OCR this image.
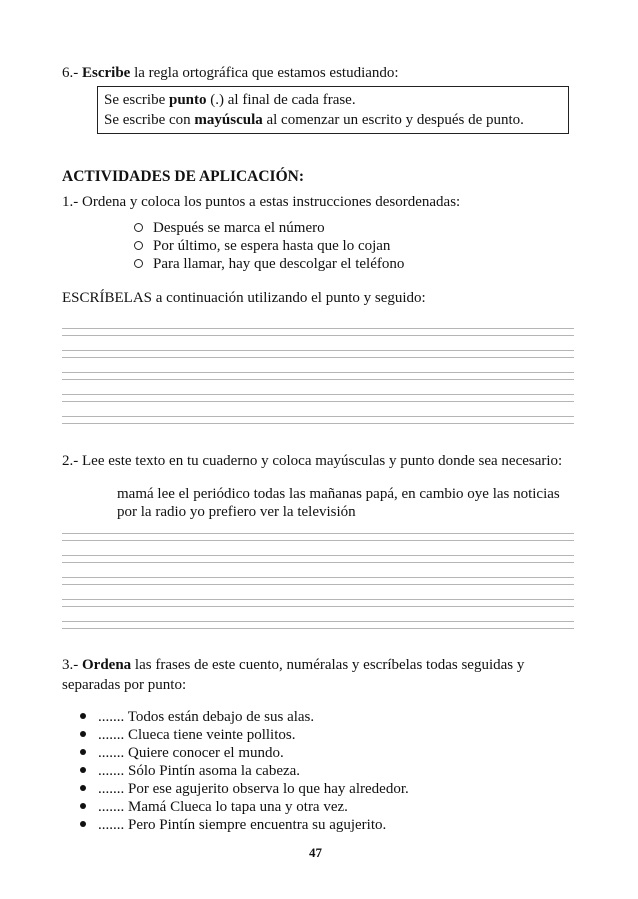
6.- Escribe la regla ortográfica que estamos estudiando:
Se escribe punto (.) al final de cada frase.
Se escribe con mayúscula al comenzar un escrito y después de punto.
ACTIVIDADES DE APLICACIÓN:
1.- Ordena y coloca los puntos a estas instrucciones desordenadas:
Después se marca el número
Por último, se espera hasta que lo cojan
Para llamar, hay que descolgar el teléfono
ESCRÍBELAS a continuación utilizando el punto y seguido:
2.- Lee este texto en tu cuaderno y coloca mayúsculas y punto donde sea necesario:
mamá lee el periódico todas las mañanas papá, en cambio oye las noticias
por la radio yo prefiero ver la televisión
3.- Ordena las frases de este cuento, numéralas y escríbelas todas seguidas y
separadas por punto:
....... Todos están debajo de sus alas.
....... Clueca tiene veinte pollitos.
....... Quiere conocer el mundo.
....... Sólo Pintín asoma la cabeza.
....... Por ese agujerito observa lo que hay alrededor.
....... Mamá Clueca lo tapa una y otra vez.
....... Pero Pintín siempre encuentra su agujerito.
47
